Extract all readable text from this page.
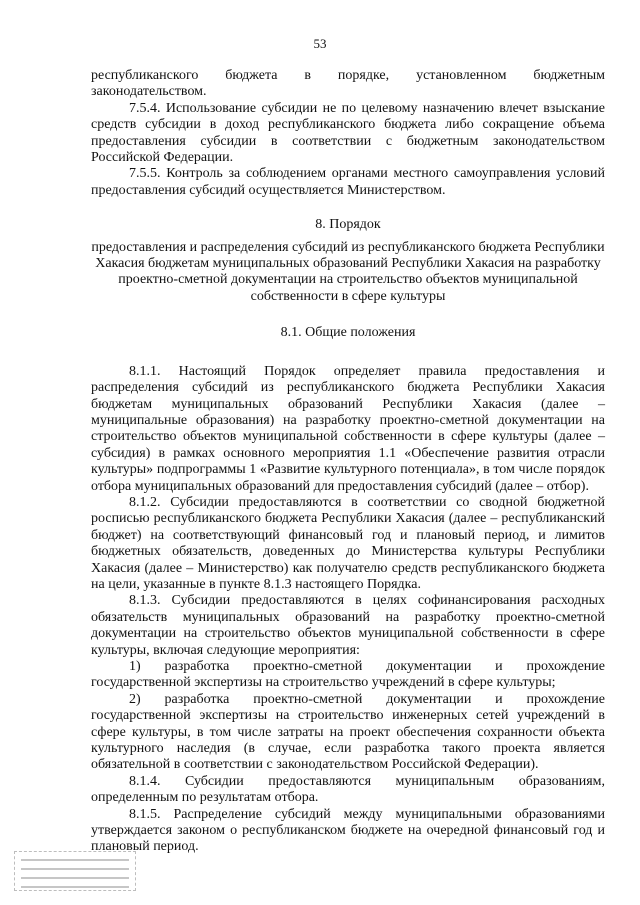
53

республиканского бюджета в порядке, установленном бюджетным законодательством.

7.5.4. Использование субсидии не по целевому назначению влечет взыскание средств субсидии в доход республиканского бюджета либо сокращение объема предоставления субсидии в соответствии с бюджетным законодательством Российской Федерации.

7.5.5. Контроль за соблюдением органами местного самоуправления условий предоставления субсидий осуществляется Министерством.

8. Порядок

предоставления и распределения субсидий из республиканского бюджета Республики Хакасия бюджетам муниципальных образований Республики Хакасия на разработку проектно-сметной документации на строительство объектов муниципальной собственности в сфере культуры

8.1. Общие положения

8.1.1. Настоящий Порядок определяет правила предоставления и распределения субсидий из республиканского бюджета Республики Хакасия бюджетам муниципальных образований Республики Хакасия (далее – муниципальные образования) на разработку проектно-сметной документации на строительство объектов муниципальной собственности в сфере культуры (далее – субсидия) в рамках основного мероприятия 1.1 «Обеспечение развития отрасли культуры» подпрограммы 1 «Развитие культурного потенциала», в том числе порядок отбора муниципальных образований для предоставления субсидий (далее – отбор).

8.1.2. Субсидии предоставляются в соответствии со сводной бюджетной росписью республиканского бюджета Республики Хакасия (далее – республиканский бюджет) на соответствующий финансовый год и плановый период, и лимитов бюджетных обязательств, доведенных до Министерства культуры Республики Хакасия (далее – Министерство) как получателю средств республиканского бюджета на цели, указанные в пункте 8.1.3 настоящего Порядка.

8.1.3. Субсидии предоставляются в целях софинансирования расходных обязательств муниципальных образований на разработку проектно-сметной документации на строительство объектов муниципальной собственности в сфере культуры, включая следующие мероприятия:

1) разработка проектно-сметной документации и прохождение государственной экспертизы на строительство учреждений в сфере культуры;

2) разработка проектно-сметной документации и прохождение государственной экспертизы на строительство инженерных сетей учреждений в сфере культуры, в том числе затраты на проект обеспечения сохранности объекта культурного наследия (в случае, если разработка такого проекта является обязательной в соответствии с законодательством Российской Федерации).

8.1.4. Субсидии предоставляются муниципальным образованиям, определенным по результатам отбора.

8.1.5. Распределение субсидий между муниципальными образованиями утверждается законом о республиканском бюджете на очередной финансовый год и плановый период.
